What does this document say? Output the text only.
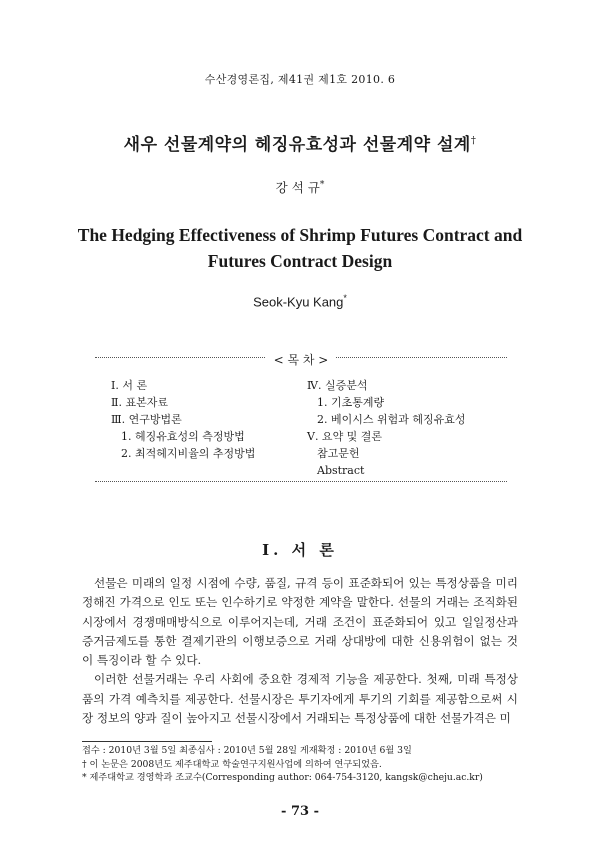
수산경영론집, 제41권 제1호 2010. 6
새우 선물계약의 헤징유효성과 선물계약 설계†
강 석 규*
The Hedging Effectiveness of Shrimp Futures Contract and
Futures Contract Design
Seok-Kyu Kang*
< 목 차 >
Ⅰ. 서 론
Ⅱ. 표본자료
Ⅲ. 연구방법론
1. 헤징유효성의 측정방법
2. 최적헤지비율의 추정방법
Ⅳ. 실증분석
1. 기초통계량
2. 베이시스 위험과 헤징유효성
Ⅴ. 요약 및 결론
참고문헌
Abstract
Ⅰ. 서 론

선물은 미래의 일정 시점에 수량, 품질, 규격 등이 표준화되어 있는 특정상품을 미리 정해진 가격으로 인도 또는 인수하기로 약정한 계약을 말한다. 선물의 거래는 조직화된 시장에서 경쟁매매방식으로 이루어지는데, 거래 조건이 표준화되어 있고 일일정산과 증거금제도를 통한 결제기관의 이행보증으로 거래 상대방에 대한 신용위험이 없는 것이 특징이라 할 수 있다.

이러한 선물거래는 우리 사회에 중요한 경제적 기능을 제공한다. 첫째, 미래 특정상품의 가격 예측치를 제공한다. 선물시장은 투기자에게 투기의 기회를 제공함으로써 시장 정보의 양과 질이 높아지고 선물시장에서 거래되는 특정상품에 대한 선물가격은 미

접수 : 2010년 3월 5일 최종심사 : 2010년 5월 28일 게재확정 : 2010년 6월 3일
† 이 논문은 2008년도 제주대학교 학술연구지원사업에 의하여 연구되었음.
* 제주대학교 경영학과 조교수(Corresponding author: 064-754-3120, kangsk@cheju.ac.kr)
- 73 -
